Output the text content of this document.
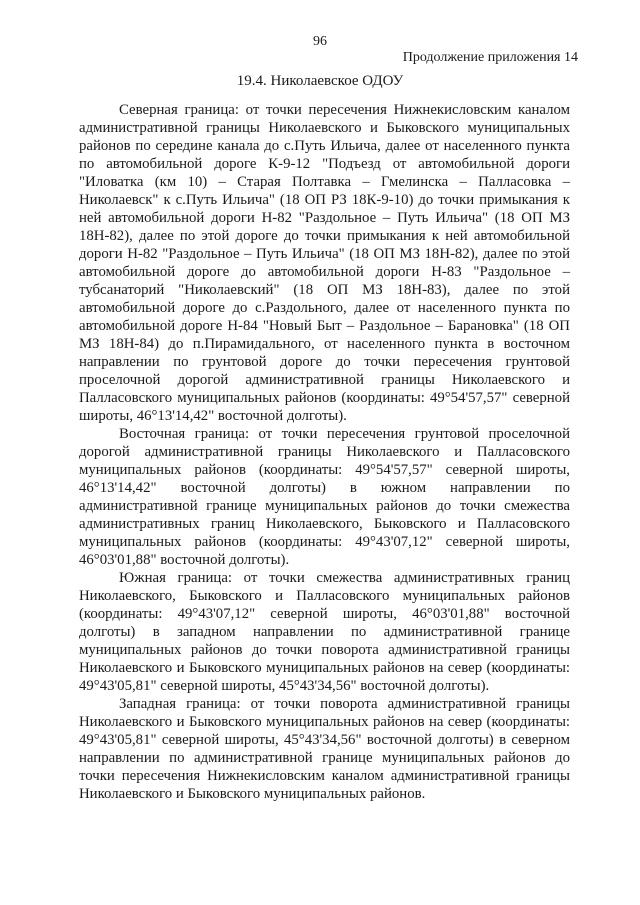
96
Продолжение приложения 14
19.4. Николаевское ОДОУ

Северная граница: от точки пересечения Нижнекисловским каналом административной границы Николаевского и Быковского муниципальных районов по середине канала до с.Путь Ильича, далее от населенного пункта по автомобильной дороге К-9-12 "Подъезд от автомобильной дороги "Иловатка (км 10) – Старая Полтавка – Гмелинска – Палласовка – Николаевск" к с.Путь Ильича" (18 ОП РЗ 18К-9-10) до точки примыкания к ней автомобильной дороги Н-82 "Раздольное – Путь Ильича" (18 ОП МЗ 18Н-82), далее по этой дороге до точки примыкания к ней автомобильной дороги Н-82 "Раздольное – Путь Ильича" (18 ОП МЗ 18Н-82), далее по этой автомобильной дороге до автомобильной дороги Н-83 "Раздольное – тубсанаторий "Николаевский" (18 ОП МЗ 18Н-83), далее по этой автомобильной дороге до с.Раздольного, далее от населенного пункта по автомобильной дороге Н-84 "Новый Быт – Раздольное – Барановка" (18 ОП МЗ 18Н-84) до п.Пирамидального, от населенного пункта в восточном направлении по грунтовой дороге до точки пересечения грунтовой проселочной дорогой административной границы Николаевского и Палласовского муниципальных районов (координаты: 49°54'57,57" северной широты, 46°13'14,42" восточной долготы).

Восточная граница: от точки пересечения грунтовой проселочной дорогой административной границы Николаевского и Палласовского муниципальных районов (координаты: 49°54'57,57" северной широты, 46°13'14,42" восточной долготы) в южном направлении по административной границе муниципальных районов до точки смежества административных границ Николаевского, Быковского и Палласовского муниципальных районов (координаты: 49°43'07,12" северной широты, 46°03'01,88" восточной долготы).

Южная граница: от точки смежества административных границ Николаевского, Быковского и Палласовского муниципальных районов (координаты: 49°43'07,12" северной широты, 46°03'01,88" восточной долготы) в западном направлении по административной границе муниципальных районов до точки поворота административной границы Николаевского и Быковского муниципальных районов на север (координаты: 49°43'05,81" северной широты, 45°43'34,56" восточной долготы).

Западная граница: от точки поворота административной границы Николаевского и Быковского муниципальных районов на север (координаты: 49°43'05,81" северной широты, 45°43'34,56" восточной долготы) в северном направлении по административной границе муниципальных районов до точки пересечения Нижнекисловским каналом административной границы Николаевского и Быковского муниципальных районов.
